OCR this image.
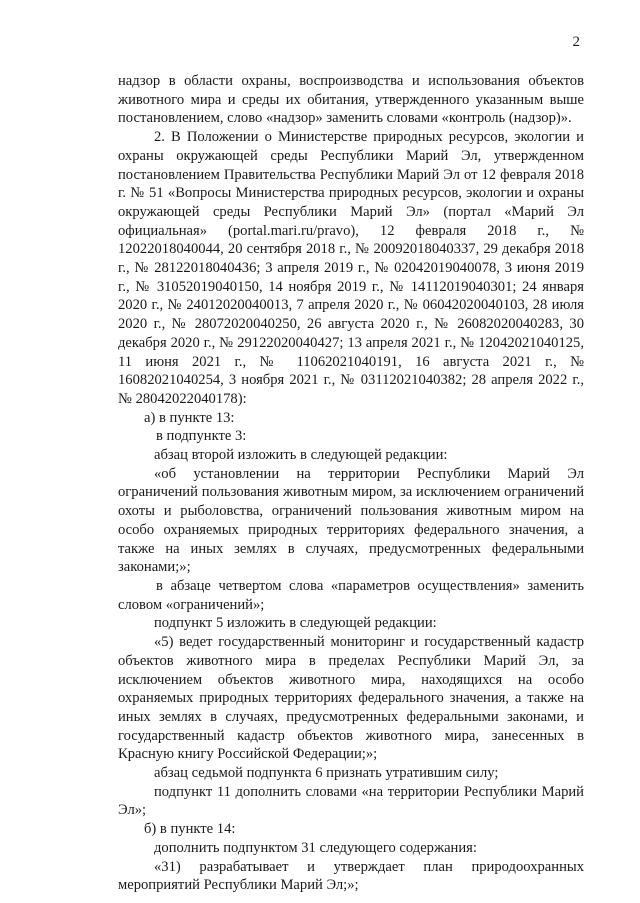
2

надзор в области охраны, воспроизводства и использования объектов животного мира и среды их обитания, утвержденного указанным выше постановлением, слово «надзор» заменить словами «контроль (надзор)».

2. В Положении о Министерстве природных ресурсов, экологии и охраны окружающей среды Республики Марий Эл, утвержденном постановлением Правительства Республики Марий Эл от 12 февраля 2018 г. № 51 «Вопросы Министерства природных ресурсов, экологии и охраны окружающей среды Республики Марий Эл» (портал «Марий Эл официальная» (portal.mari.ru/pravo), 12 февраля 2018 г., № 12022018040044, 20 сентября 2018 г., № 20092018040337, 29 декабря 2018 г., № 28122018040436; 3 апреля 2019 г., № 02042019040078, 3 июня 2019 г., № 31052019040150, 14 ноября 2019 г., № 14112019040301; 24 января 2020 г., № 24012020040013, 7 апреля 2020 г., № 06042020040103, 28 июля 2020 г., № 28072020040250, 26 августа 2020 г., № 26082020040283, 30 декабря 2020 г., № 29122020040427; 13 апреля 2021 г., № 12042021040125, 11 июня 2021 г., № 11062021040191, 16 августа 2021 г., № 16082021040254, 3 ноября 2021 г., № 03112021040382; 28 апреля 2022 г., № 28042022040178):

а) в пункте 13:

в подпункте 3:

абзац второй изложить в следующей редакции:

«об установлении на территории Республики Марий Эл ограничений пользования животным миром, за исключением ограничений охоты и рыболовства, ограничений пользования животным миром на особо охраняемых природных территориях федерального значения, а также на иных землях в случаях, предусмотренных федеральными законами;»;

в абзаце четвертом слова «параметров осуществления» заменить словом «ограничений»;

подпункт 5 изложить в следующей редакции:

«5) ведет государственный мониторинг и государственный кадастр объектов животного мира в пределах Республики Марий Эл, за исключением объектов животного мира, находящихся на особо охраняемых природных территориях федерального значения, а также на иных землях в случаях, предусмотренных федеральными законами, и государственный кадастр объектов животного мира, занесенных в Красную книгу Российской Федерации;»;

абзац седьмой подпункта 6 признать утратившим силу;

подпункт 11 дополнить словами «на территории Республики Марий Эл»;

б) в пункте 14:

дополнить подпунктом 31 следующего содержания:

«31) разрабатывает и утверждает план природоохранных мероприятий Республики Марий Эл;»;
